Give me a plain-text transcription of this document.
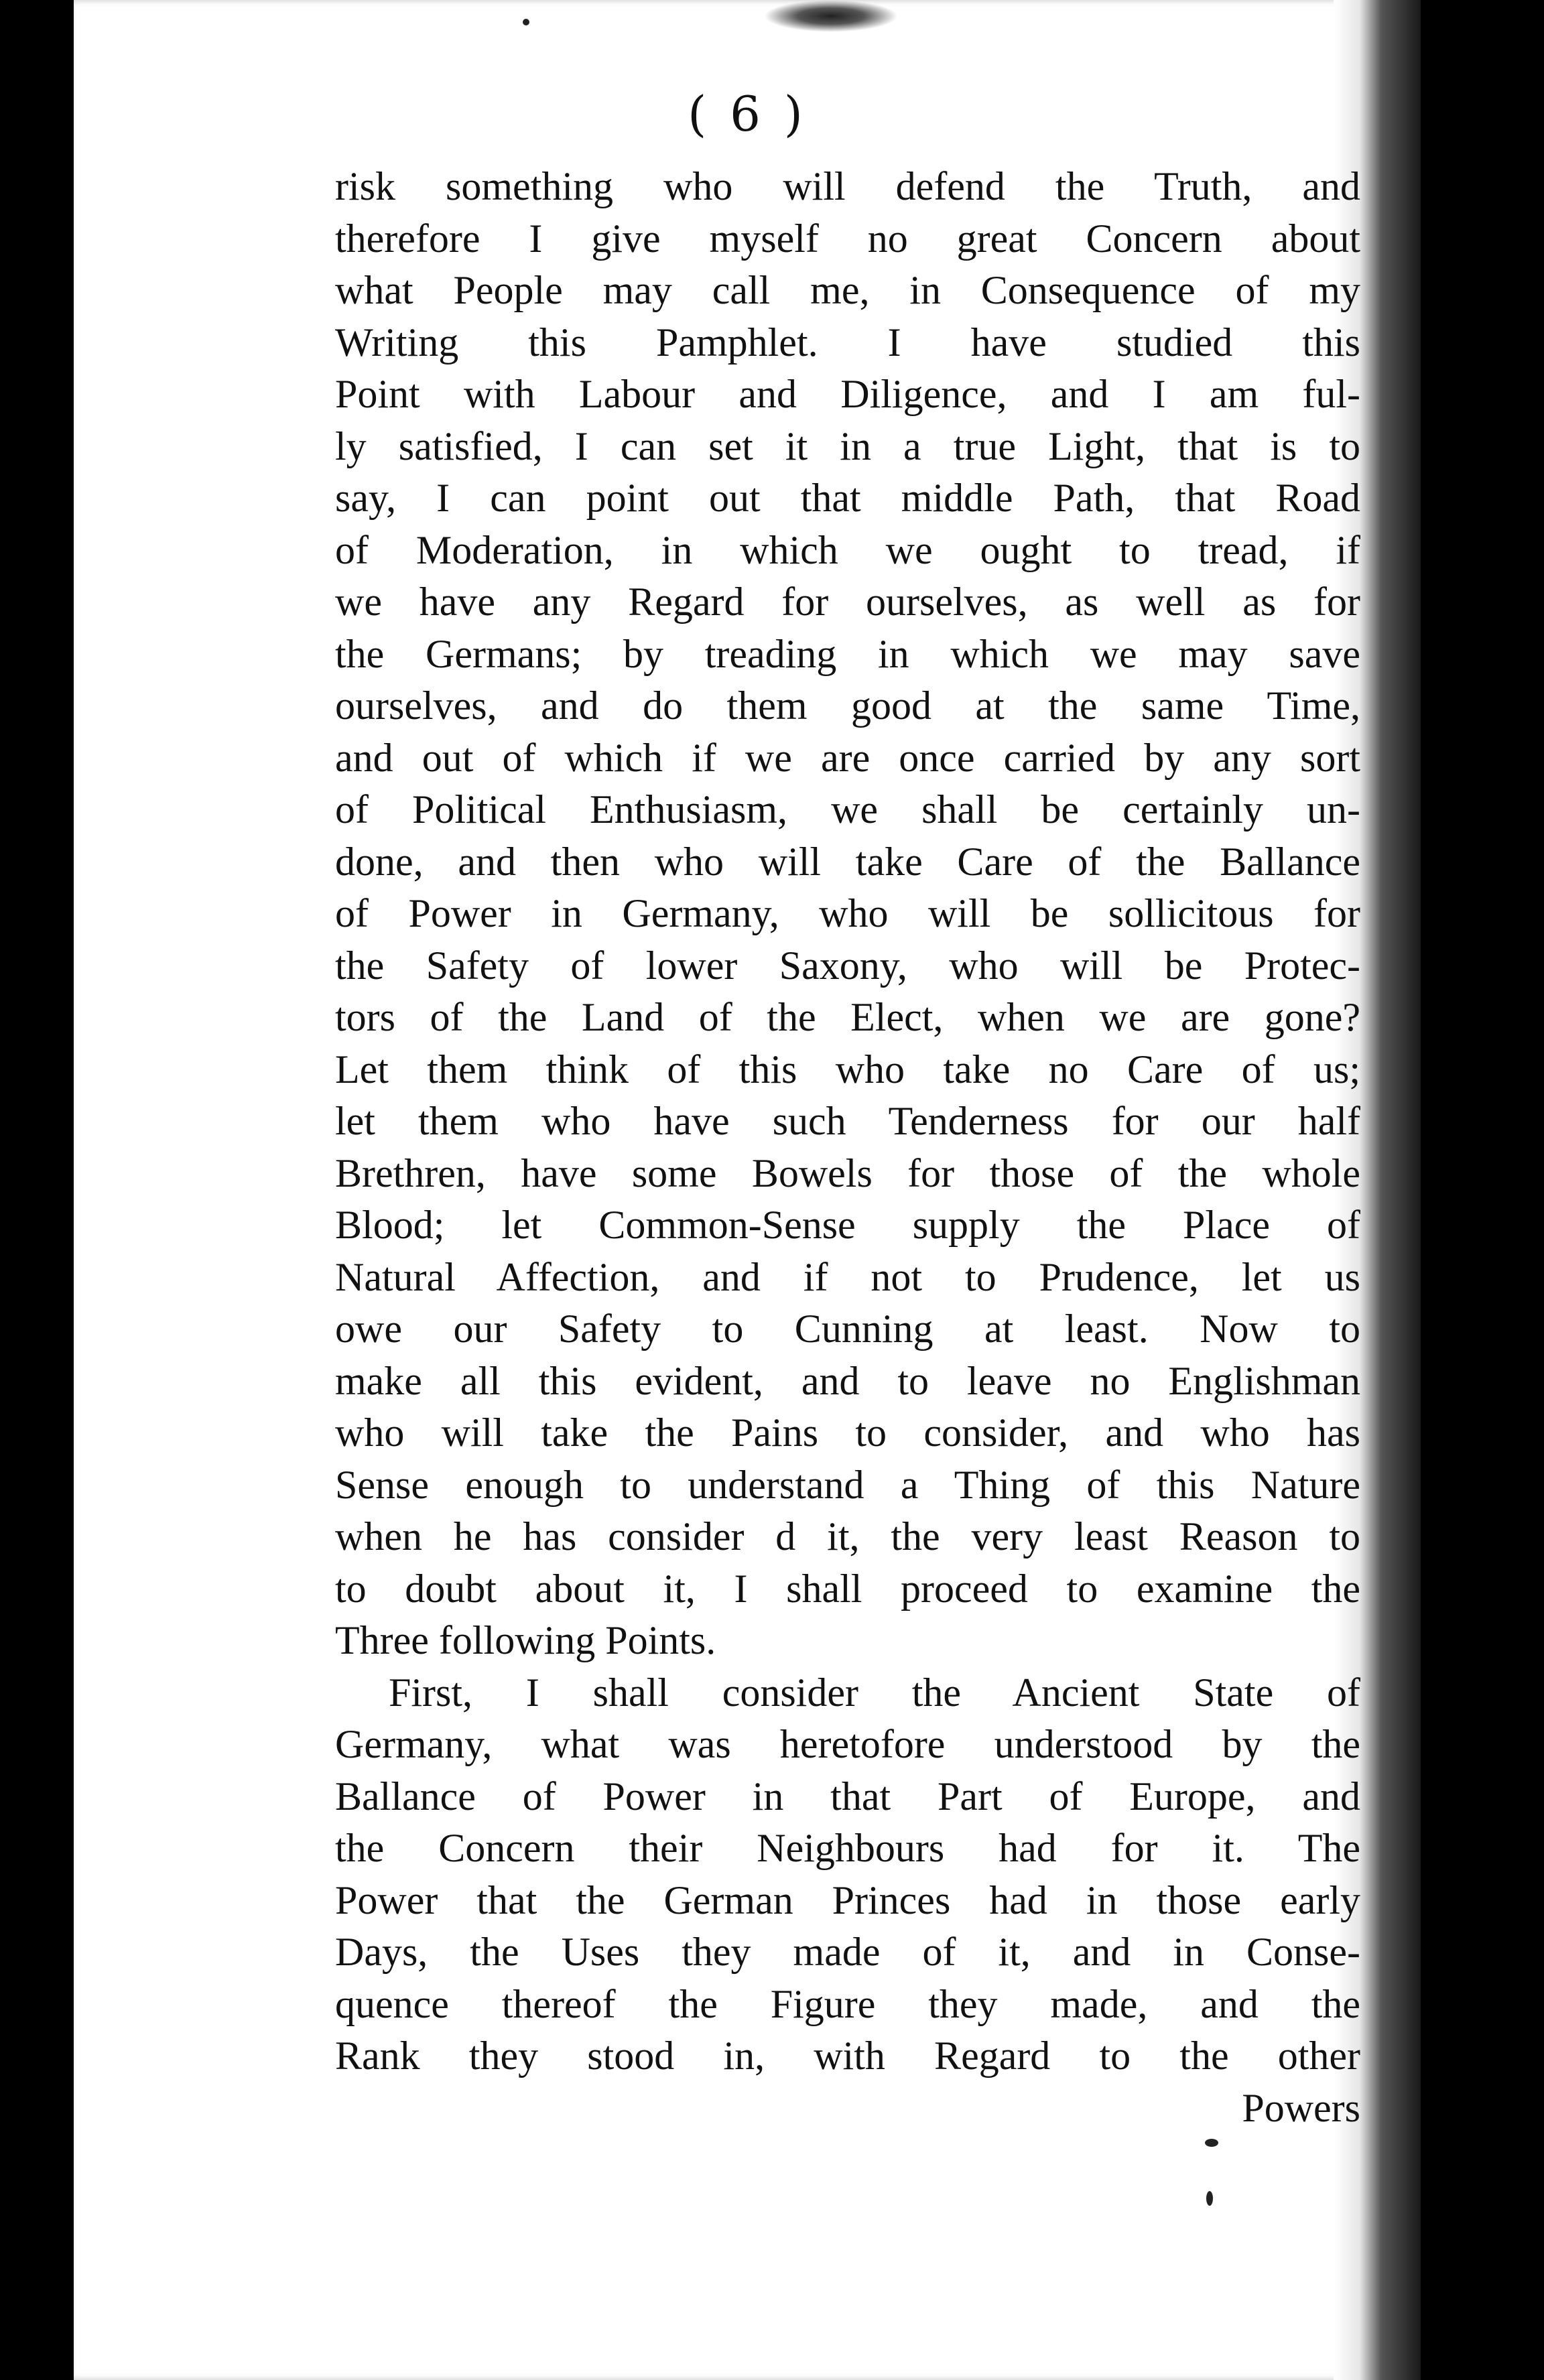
( 6 )
risk something who will defend the Truth, and
therefore I give myself no great Concern about
what People may call me, in Consequence of my
Writing this Pamphlet. I have studied this
Point with Labour and Diligence, and I am ful-
ly satisfied, I can set it in a true Light, that is to
say, I can point out that middle Path, that Road
of Moderation, in which we ought to tread, if
we have any Regard for ourselves, as well as for
the Germans; by treading in which we may save
ourselves, and do them good at the same Time,
and out of which if we are once carried by any sort
of Political Enthusiasm, we shall be certainly un-
done, and then who will take Care of the Ballance
of Power in Germany, who will be sollicitous for
the Safety of lower Saxony, who will be Protec-
tors of the Land of the Elect, when we are gone?
Let them think of this who take no Care of us;
let them who have such Tenderness for our half
Brethren, have some Bowels for those of the whole
Blood; let Common-Sense supply the Place of
Natural Affection, and if not to Prudence, let us
owe our Safety to Cunning at least. Now to
make all this evident, and to leave no Englishman
who will take the Pains to consider, and who has
Sense enough to understand a Thing of this Nature
when he has consider d it, the very least Reason to
to doubt about it, I shall proceed to examine the
Three following Points.
First, I shall consider the Ancient State of
Germany, what was heretofore understood by the
Ballance of Power in that Part of Europe, and
the Concern their Neighbours had for it. The
Power that the German Princes had in those early
Days, the Uses they made of it, and in Conse-
quence thereof the Figure they made, and the
Rank they stood in, with Regard to the other
Powers
